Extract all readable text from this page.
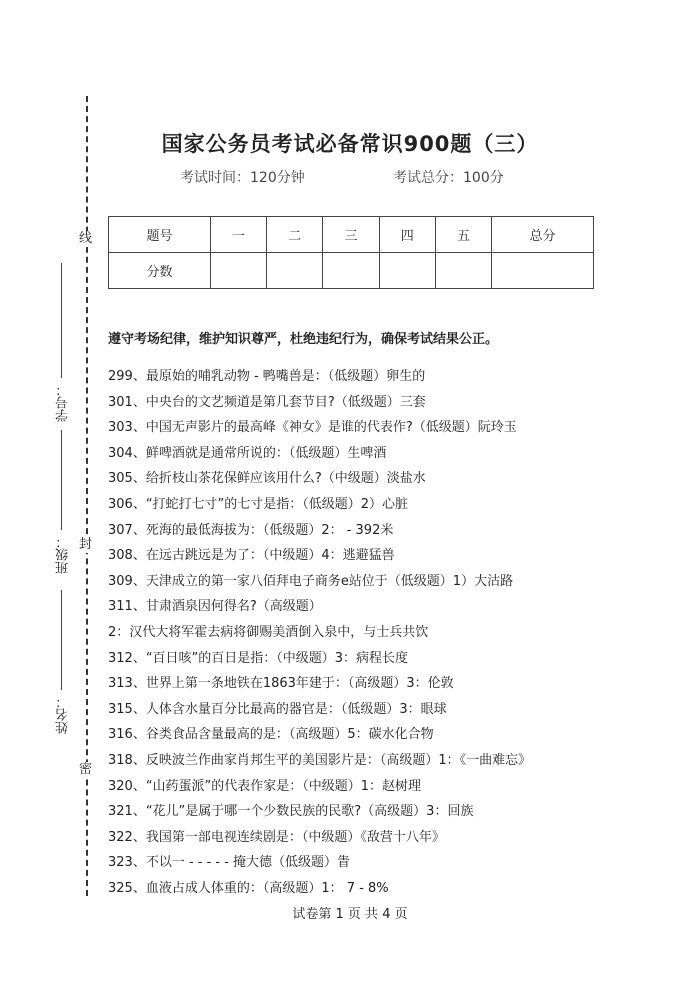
线
封
密
学号：
班级：
姓名：
国家公务员考试必备常识900题（三）
考试时间：120分钟	考试总分：100分
题号	一	二	三	四	五	总分
分数						
遵守考场纪律，维护知识尊严，杜绝违纪行为，确保考试结果公正。
299、最原始的哺乳动物 - 鸭嘴兽是：（低级题）卵生的
301、中央台的文艺频道是第几套节目?（低级题）三套
303、中国无声影片的最高峰《神女》是谁的代表作?（低级题）阮玲玉
304、鲜啤酒就是通常所说的：（低级题）生啤酒
305、给折枝山茶花保鲜应该用什么?（中级题）淡盐水
306、“打蛇打七寸”的七寸是指：（低级题）2）心脏
307、死海的最低海拔为：（低级题）2： - 392米
308、在远古跳远是为了：（中级题）4：逃避猛兽
309、天津成立的第一家八佰拜电子商务e站位于（低级题）1）大沽路
311、甘肃酒泉因何得名?（高级题）
2：汉代大将军霍去病将御赐美酒倒入泉中，与士兵共饮
312、“百日咳”的百日是指：（中级题）3：病程长度
313、世界上第一条地铁在1863年建于：（高级题）3：伦敦
315、人体含水量百分比最高的器官是：（低级题）3：眼球
316、谷类食品含量最高的是：（高级题）5：碳水化合物
318、反映波兰作曲家肖邦生平的美国影片是：（高级题）1：《一曲难忘》
320、“山药蛋派”的代表作家是：（中级题）1：赵树理
321、“花儿”是属于哪一个少数民族的民歌?（高级题）3：回族
322、我国第一部电视连续剧是：（中级题）《敌营十八年》
323、不以一 - - - - - 掩大德（低级题）眚
325、血液占成人体重的：（高级题）1： 7 - 8%
试卷第 1 页 共 4 页
